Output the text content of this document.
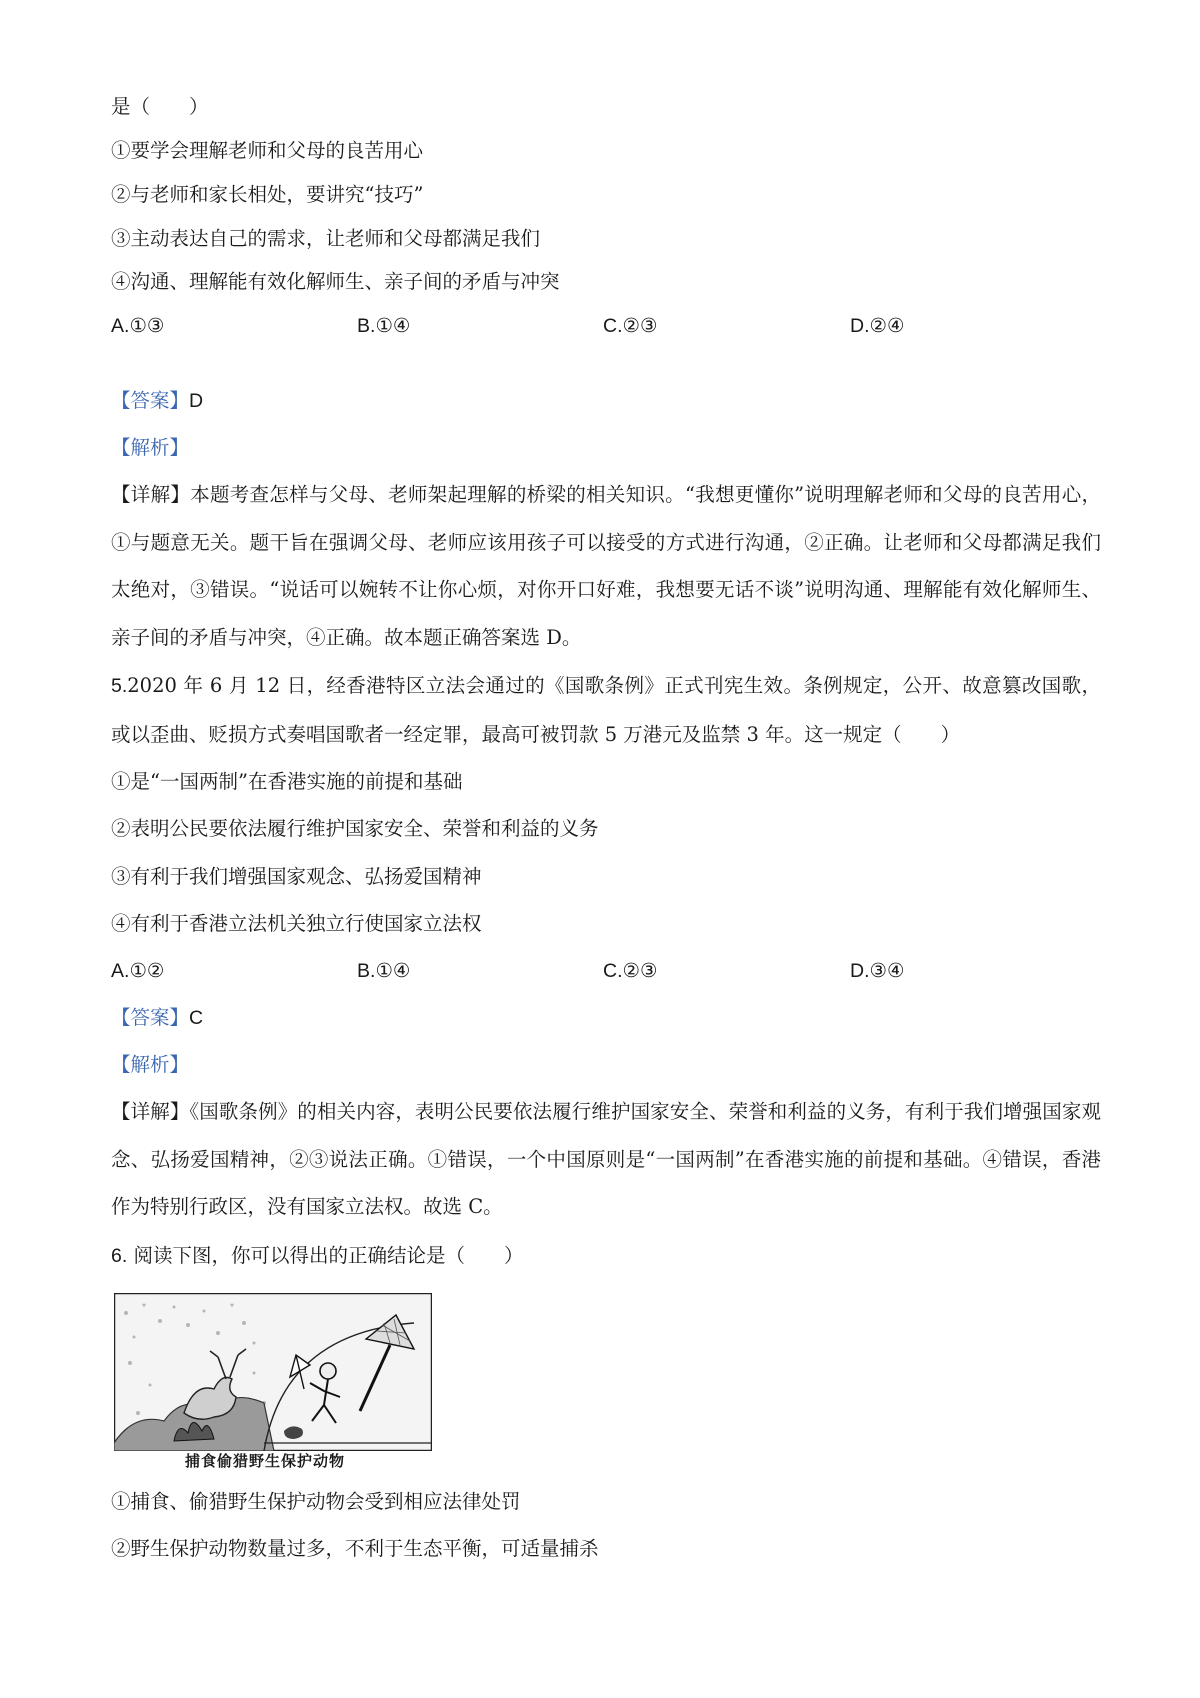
是（　　）
①要学会理解老师和父母的良苦用心
②与老师和家长相处，要讲究“技巧”
③主动表达自己的需求，让老师和父母都满足我们
④沟通、理解能有效化解师生、亲子间的矛盾与冲突
A.①③	B.①④	C.②③	D.②④
【答案】D
【解析】
【详解】本题考查怎样与父母、老师架起理解的桥梁的相关知识。“我想更懂你”说明理解老师和父母的良苦用心，①与题意无关。题干旨在强调父母、老师应该用孩子可以接受的方式进行沟通，②正确。让老师和父母都满足我们太绝对，③错误。“说话可以婉转不让你心烦，对你开口好难，我想要无话不谈”说明沟通、理解能有效化解师生、亲子间的矛盾与冲突，④正确。故本题正确答案选 D。
5.2020 年 6 月 12 日，经香港特区立法会通过的《国歌条例》正式刊宪生效。条例规定，公开、故意篡改国歌，或以歪曲、贬损方式奏唱国歌者一经定罪，最高可被罚款 5 万港元及监禁 3 年。这一规定（　　）
①是“一国两制”在香港实施的前提和基础
②表明公民要依法履行维护国家安全、荣誉和利益的义务
③有利于我们增强国家观念、弘扬爱国精神
④有利于香港立法机关独立行使国家立法权
A.①②	B.①④	C.②③	D.③④
【答案】C
【解析】
【详解】《国歌条例》的相关内容，表明公民要依法履行维护国家安全、荣誉和利益的义务，有利于我们增强国家观念、弘扬爱国精神，②③说法正确。①错误，一个中国原则是“一国两制”在香港实施的前提和基础。④错误，香港作为特别行政区，没有国家立法权。故选 C。
6. 阅读下图，你可以得出的正确结论是（　　）
捕食偷猎野生保护动物
①捕食、偷猎野生保护动物会受到相应法律处罚
②野生保护动物数量过多，不利于生态平衡，可适量捕杀
